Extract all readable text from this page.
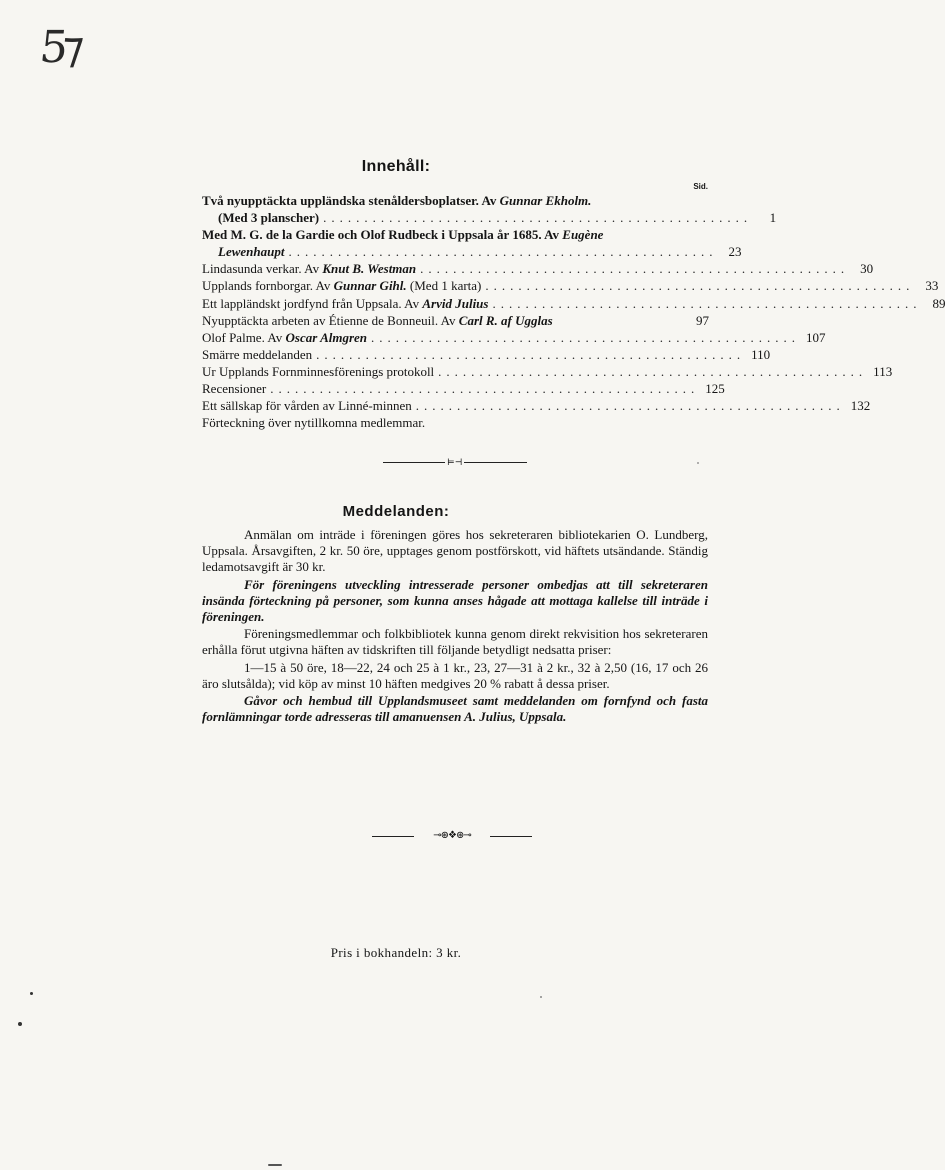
5⁊
Innehåll:
Sid.
Två nyupptäckta uppländska stenåldersboplatser. Av Gunnar Ekholm.
(Med 3 planscher) ....................................................	1
Med M. G. de la Gardie och Olof Rudbeck i Uppsala år 1685. Av Eugène
Lewenhaupt .................................................... 23
Lindasunda verkar. Av Knut B. Westman .................................................... 30
Upplands fornborgar. Av Gunnar Gihl. (Med 1 karta) .................................................... 33
Ett lappländskt jordfynd från Uppsala. Av Arvid Julius .................................................... 89
Nyupptäckta arbeten av Étienne de Bonneuil. Av Carl R. af Ugglas	97
Olof Palme. Av Oscar Almgren .................................................... 107
Smärre meddelanden .................................................... 110
Ur Upplands Fornminnesförenings protokoll .................................................... 113
Recensioner .................................................... 125
Ett sällskap för vården av Linné-minnen .................................................... 132
Förteckning över nytillkomna medlemmar.
⊨⊣
Meddelanden:

Anmälan om inträde i föreningen göres hos sekreteraren bibliotekarien O. Lundberg, Uppsala. Årsavgiften, 2 kr. 50 öre, upptages genom postförskott, vid häftets utsändande. Ständig ledamotsavgift är 30 kr.

För föreningens utveckling intresserade personer ombedjas att till sekreteraren insända förteckning på personer, som kunna anses hågade att mottaga kallelse till inträde i föreningen.

Föreningsmedlemmar och folkbibliotek kunna genom direkt rekvisition hos sekreteraren erhålla förut utgivna häften av tidskriften till följande betydligt nedsatta priser:

1—15 à 50 öre, 18—22, 24 och 25 à 1 kr., 23, 27—31 à 2 kr., 32 à 2,50 (16, 17 och 26 äro slutsålda); vid köp av minst 10 häften medgives 20 % rabatt å dessa priser.

Gåvor och hembud till Upplandsmuseet samt meddelanden om fornfynd och fasta fornlämningar torde adresseras till amanuensen A. Julius, Uppsala.

⊸⊛❖⊛⊸
Pris i bokhandeln: 3 kr.
